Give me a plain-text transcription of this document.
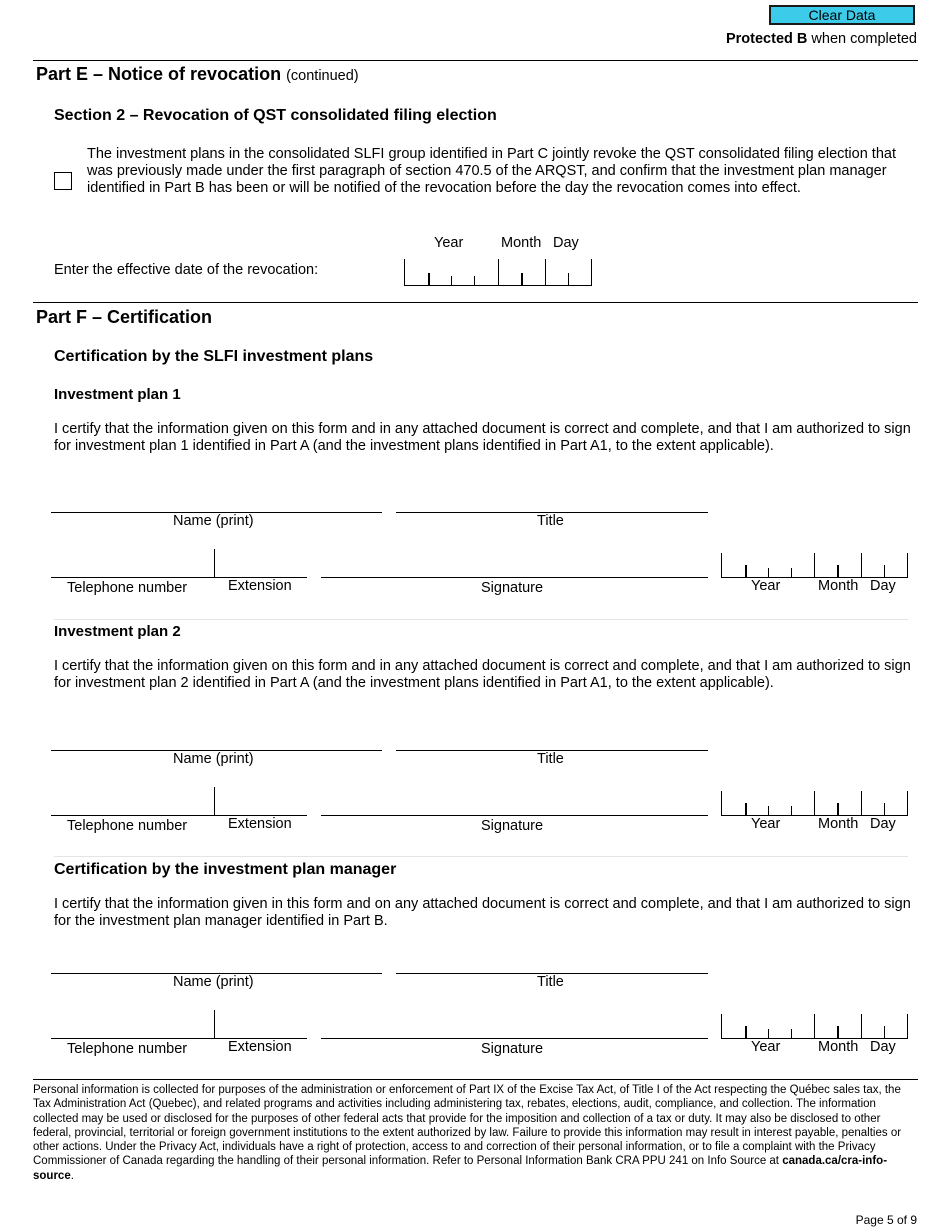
Clear Data
Protected B when completed
Part E – Notice of revocation (continued)
Section 2 – Revocation of QST consolidated filing election
The investment plans in the consolidated SLFI group identified in Part C jointly revoke the QST consolidated filing election that was previously made under the first paragraph of section 470.5 of the ARQST, and confirm that the investment plan manager identified in Part B has been or will be notified of the revocation before the day the revocation comes into effect.
Year	Month Day
Enter the effective date of the revocation:
Part F – Certification
Certification by the SLFI investment plans
Investment plan 1
I certify that the information given on this form and in any attached document is correct and complete, and that I am authorized to sign for investment plan 1 identified in Part A (and the investment plans identified in Part A1, to the extent applicable).
Name (print)	Title
Telephone number	Extension	Signature	Year	Month Day
Investment plan 2
I certify that the information given on this form and in any attached document is correct and complete, and that I am authorized to sign for investment plan 2 identified in Part A (and the investment plans identified in Part A1, to the extent applicable).
Name (print)	Title
Telephone number	Extension	Signature	Year	Month Day
Certification by the investment plan manager
I certify that the information given in this form and on any attached document is correct and complete, and that I am authorized to sign for the investment plan manager identified in Part B.
Name (print)	Title
Telephone number	Extension	Signature	Year	Month Day
Personal information is collected for purposes of the administration or enforcement of Part IX of the Excise Tax Act, of Title I of the Act respecting the Québec sales tax, the Tax Administration Act (Quebec), and related programs and activities including administering tax, rebates, elections, audit, compliance, and collection. The information collected may be used or disclosed for the purposes of other federal acts that provide for the imposition and collection of a tax or duty. It may also be disclosed to other federal, provincial, territorial or foreign government institutions to the extent authorized by law. Failure to provide this information may result in interest payable, penalties or other actions. Under the Privacy Act, individuals have a right of protection, access to and correction of their personal information, or to file a complaint with the Privacy Commissioner of Canada regarding the handling of their personal information. Refer to Personal Information Bank CRA PPU 241 on Info Source at canada.ca/cra-info-source.
Page 5 of 9
